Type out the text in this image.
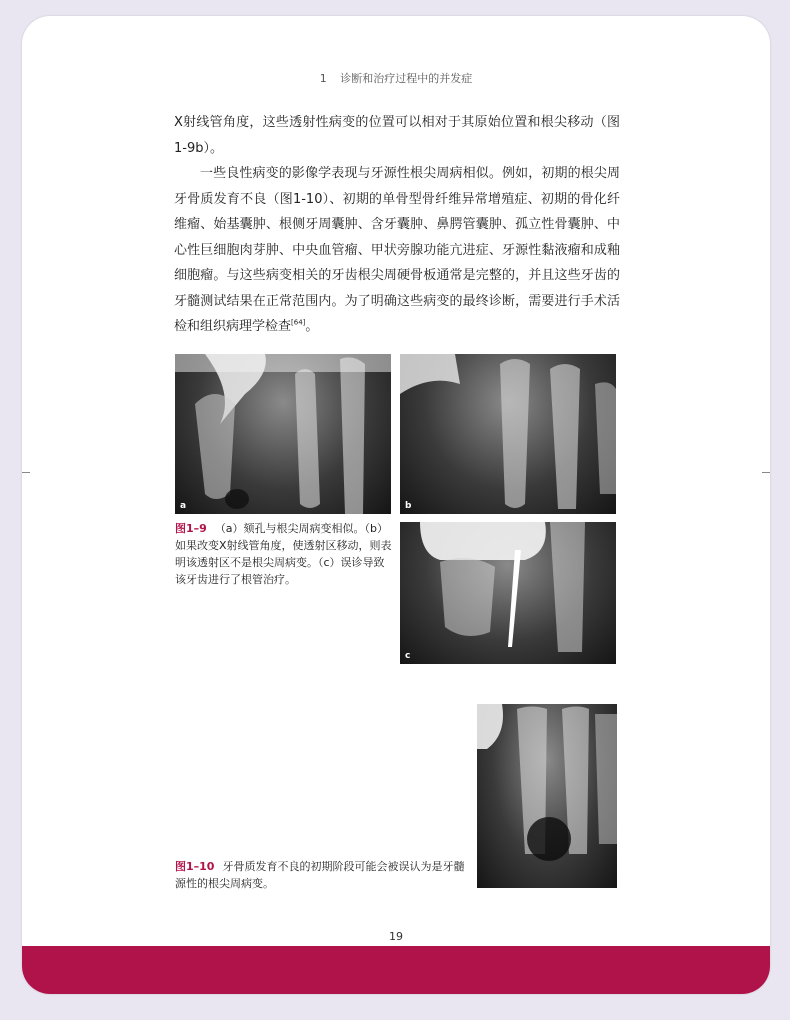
1 诊断和治疗过程中的并发症

X射线管角度，这些透射性病变的位置可以相对于其原始位置和根尖移动（图1-9b）。

一些良性病变的影像学表现与牙源性根尖周病相似。例如，初期的根尖周牙骨质发育不良（图1-10）、初期的单骨型骨纤维异常增殖症、初期的骨化纤维瘤、始基囊肿、根侧牙周囊肿、含牙囊肿、鼻腭管囊肿、孤立性骨囊肿、中心性巨细胞肉芽肿、中央血管瘤、甲状旁腺功能亢进症、牙源性黏液瘤和成釉细胞瘤。与这些病变相关的牙齿根尖周硬骨板通常是完整的，并且这些牙齿的牙髓测试结果在正常范围内。为了明确这些病变的最终诊断，需要进行手术活检和组织病理学检查[64]。

a	b
c
图1–9 （a）颏孔与根尖周病变相似。（b）如果改变X射线管角度，使透射区移动，则表明该透射区不是根尖周病变。（c）误诊导致该牙齿进行了根管治疗。
图1–10 牙骨质发育不良的初期阶段可能会被误认为是牙髓源性的根尖周病变。
19
